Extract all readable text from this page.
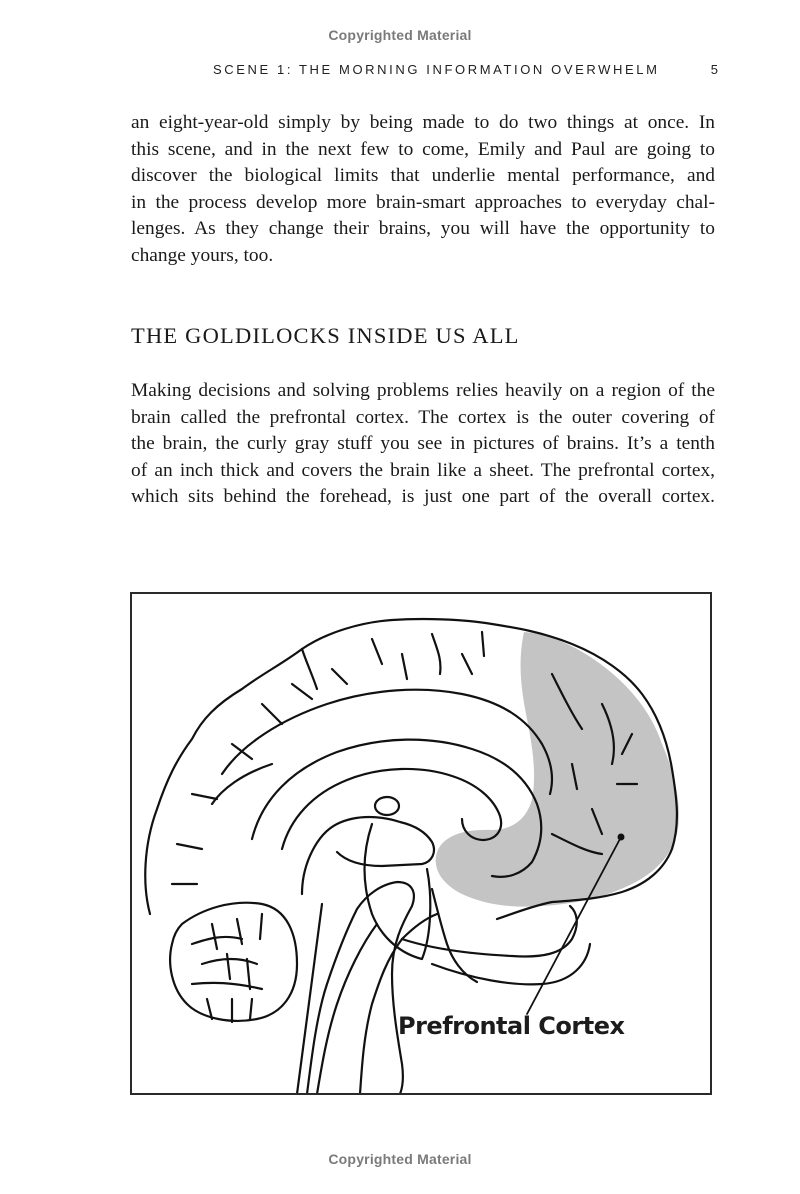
Copyrighted Material
SCENE 1: THE MORNING INFORMATION OVERWHELM	5
an eight-year-old simply by being made to do two things at once. In
this scene, and in the next few to come, Emily and Paul are going to
discover the biological limits that underlie mental performance, and
in the process develop more brain-smart approaches to everyday chal-
lenges. As they change their brains, you will have the opportunity to
change yours, too.
THE GOLDILOCKS INSIDE US ALL
Making decisions and solving problems relies heavily on a region of the
brain called the prefrontal cortex. The cortex is the outer covering of
the brain, the curly gray stuff you see in pictures of brains. It’s a tenth
of an inch thick and covers the brain like a sheet. The prefrontal cortex,
which sits behind the forehead, is just one part of the overall cortex.
Prefrontal Cortex
Copyrighted Material
